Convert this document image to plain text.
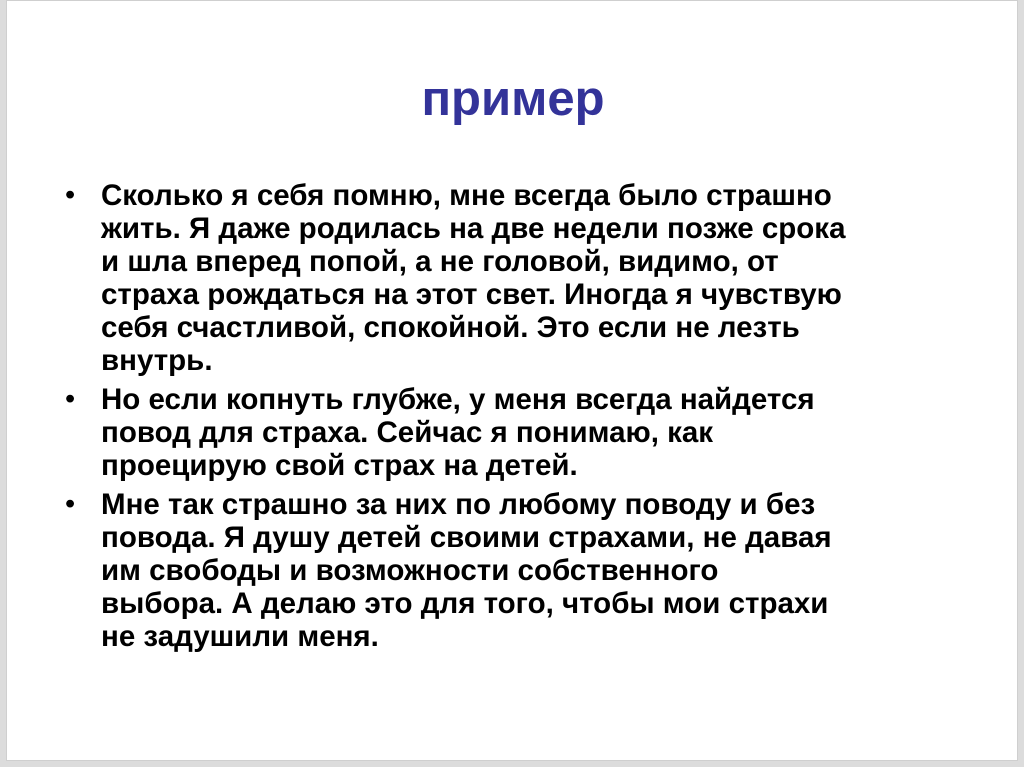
пример
• Сколько я себя помню, мне всегда было страшно
жить. Я даже родилась на две недели позже срока
и шла вперед попой, а не головой, видимо, от
страха рождаться на этот свет. Иногда я чувствую
себя счастливой, спокойной. Это если не лезть
внутрь.
• Но если копнуть глубже, у меня всегда найдется
повод для страха. Сейчас я понимаю, как
проецирую свой страх на детей.
• Мне так страшно за них по любому поводу и без
повода. Я душу детей своими страхами, не давая
им свободы и возможности собственного
выбора. А делаю это для того, чтобы мои страхи
не задушили меня.
